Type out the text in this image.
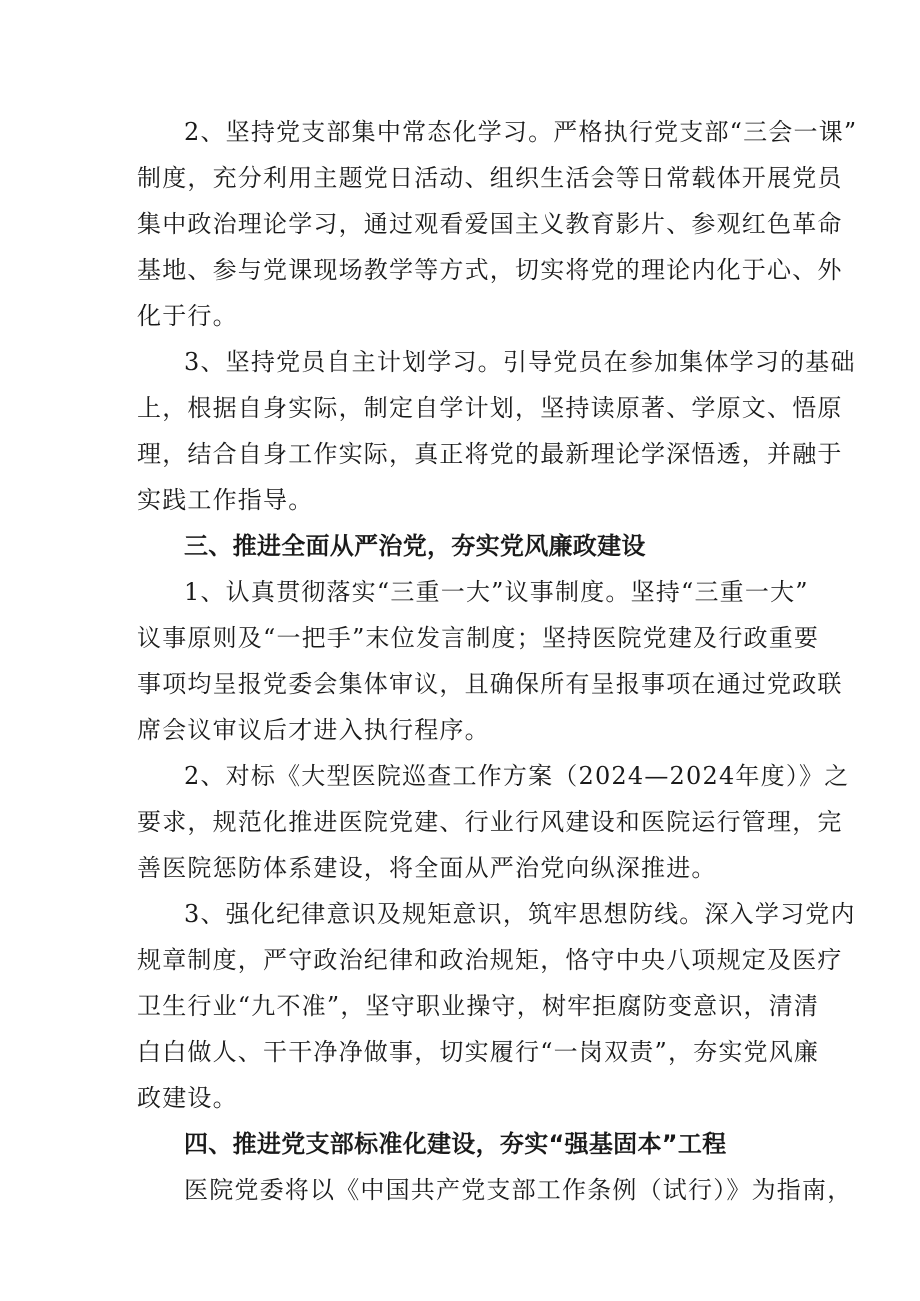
2、坚持党支部集中常态化学习。严格执行党支部“三会一课”
制度，充分利用主题党日活动、组织生活会等日常载体开展党员
集中政治理论学习，通过观看爱国主义教育影片、参观红色革命
基地、参与党课现场教学等方式，切实将党的理论内化于心、外
化于行。
3、坚持党员自主计划学习。引导党员在参加集体学习的基础
上，根据自身实际，制定自学计划，坚持读原著、学原文、悟原
理，结合自身工作实际，真正将党的最新理论学深悟透，并融于
实践工作指导。
三、推进全面从严治党，夯实党风廉政建设
1、认真贯彻落实“三重一大”议事制度。坚持“三重一大”
议事原则及“一把手”末位发言制度；坚持医院党建及行政重要
事项均呈报党委会集体审议，且确保所有呈报事项在通过党政联
席会议审议后才进入执行程序。
2、对标《大型医院巡查工作方案（2024—2024年度）》之
要求，规范化推进医院党建、行业行风建设和医院运行管理，完
善医院惩防体系建设，将全面从严治党向纵深推进。
3、强化纪律意识及规矩意识，筑牢思想防线。深入学习党内
规章制度，严守政治纪律和政治规矩，恪守中央八项规定及医疗
卫生行业“九不准”，坚守职业操守，树牢拒腐防变意识，清清
白白做人、干干净净做事，切实履行“一岗双责”，夯实党风廉
政建设。
四、推进党支部标准化建设，夯实“强基固本”工程
医院党委将以《中国共产党支部工作条例（试行）》为指南，
